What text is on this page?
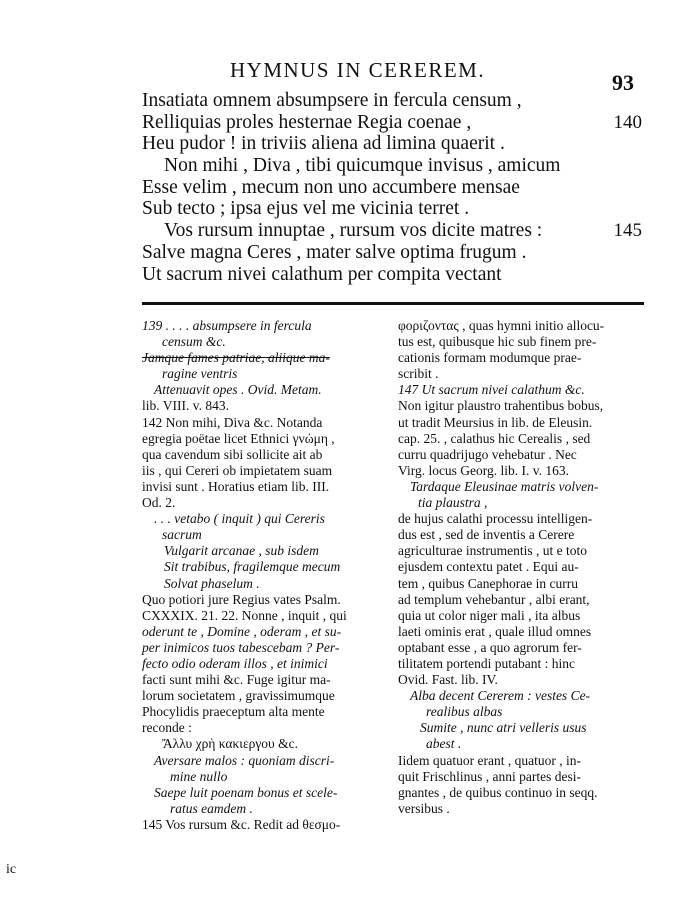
HYMNUS IN CEREREM.	93
Insatiata omnem absumpsere in fercula censum ,
Relliquias proles hesternae Regia coenae ,	140
Heu pudor ! in triviis aliena ad limina quaerit .
Non mihi , Diva , tibi quicumque invisus , amicum
Esse velim , mecum non uno accumbere mensae
Sub tecto ; ipsa ejus vel me vicinia terret .
Vos rursum innuptae , rursum vos dicite matres :	145
Salve magna Ceres , mater salve optima frugum .
Ut sacrum nivei calathum per compita vectant
139 . . . . absumpsere in fercula
censum &c.
Jamque fames patriae, aliique ma-
ragine ventris
Attenuavit opes . Ovid. Metam.
lib. VIII. v. 843.
142 Non mihi, Diva &c. Notanda
egregia poëtae licet Ethnici γνώμη ,
qua cavendum sibi sollicite ait ab
iis , qui Cereri ob impietatem suam
invisi sunt . Horatius etiam lib. III.
Od. 2.
. . . vetabo ( inquit ) qui Cereris
sacrum
Vulgarit arcanae , sub isdem
Sit trabibus, fragilemque mecum
Solvat phaselum .
Quo potiori jure Regius vates Psalm.
CXXXIX. 21. 22. Nonne , inquit , qui
oderunt te , Domine , oderam , et su-
per inimicos tuos tabescebam ? Per-
fecto odio oderam illos , et inimici
facti sunt mihi &c. Fuge igitur ma-
lorum societatem , gravissimumque
Phocylidis praeceptum alta mente
reconde :
Ἄλλυ χρὴ κακιεργου &c.
Aversare malos : quoniam discri-
mine nullo
Saepe luit poenam bonus et scele-
ratus eamdem .
145 Vos rursum &c. Redit ad θεσμο-
φοριζοντας , quas hymni initio allocu-
tus est, quibusque hic sub finem pre-
cationis formam modumque prae-
scribit .
147 Ut sacrum nivei calathum &c.
Non igitur plaustro trahentibus bobus,
ut tradit Meursius in lib. de Eleusin.
cap. 25. , calathus hic Cerealis , sed
curru quadrijugo vehebatur . Nec
Virg. locus Georg. lib. I. v. 163.
Tardaque Eleusinae matris volven-
tia plaustra ,
de hujus calathi processu intelligen-
dus est , sed de inventis a Cerere
agriculturae instrumentis , ut e toto
ejusdem contextu patet . Equi au-
tem , quibus Canephorae in curru
ad templum vehebantur , albi erant,
quia ut color niger mali , ita albus
laeti ominis erat , quale illud omnes
optabant esse , a quo agrorum fer-
tilitatem portendi putabant : hinc
Ovid. Fast. lib. IV.
Alba decent Cererem : vestes Ce-
realibus albas
Sumite , nunc atri velleris usus
abest .
Iidem quatuor erant , quatuor , in-
quit Frischlinus , anni partes desi-
gnantes , de quibus continuo in seqq.
versibus .
ic
